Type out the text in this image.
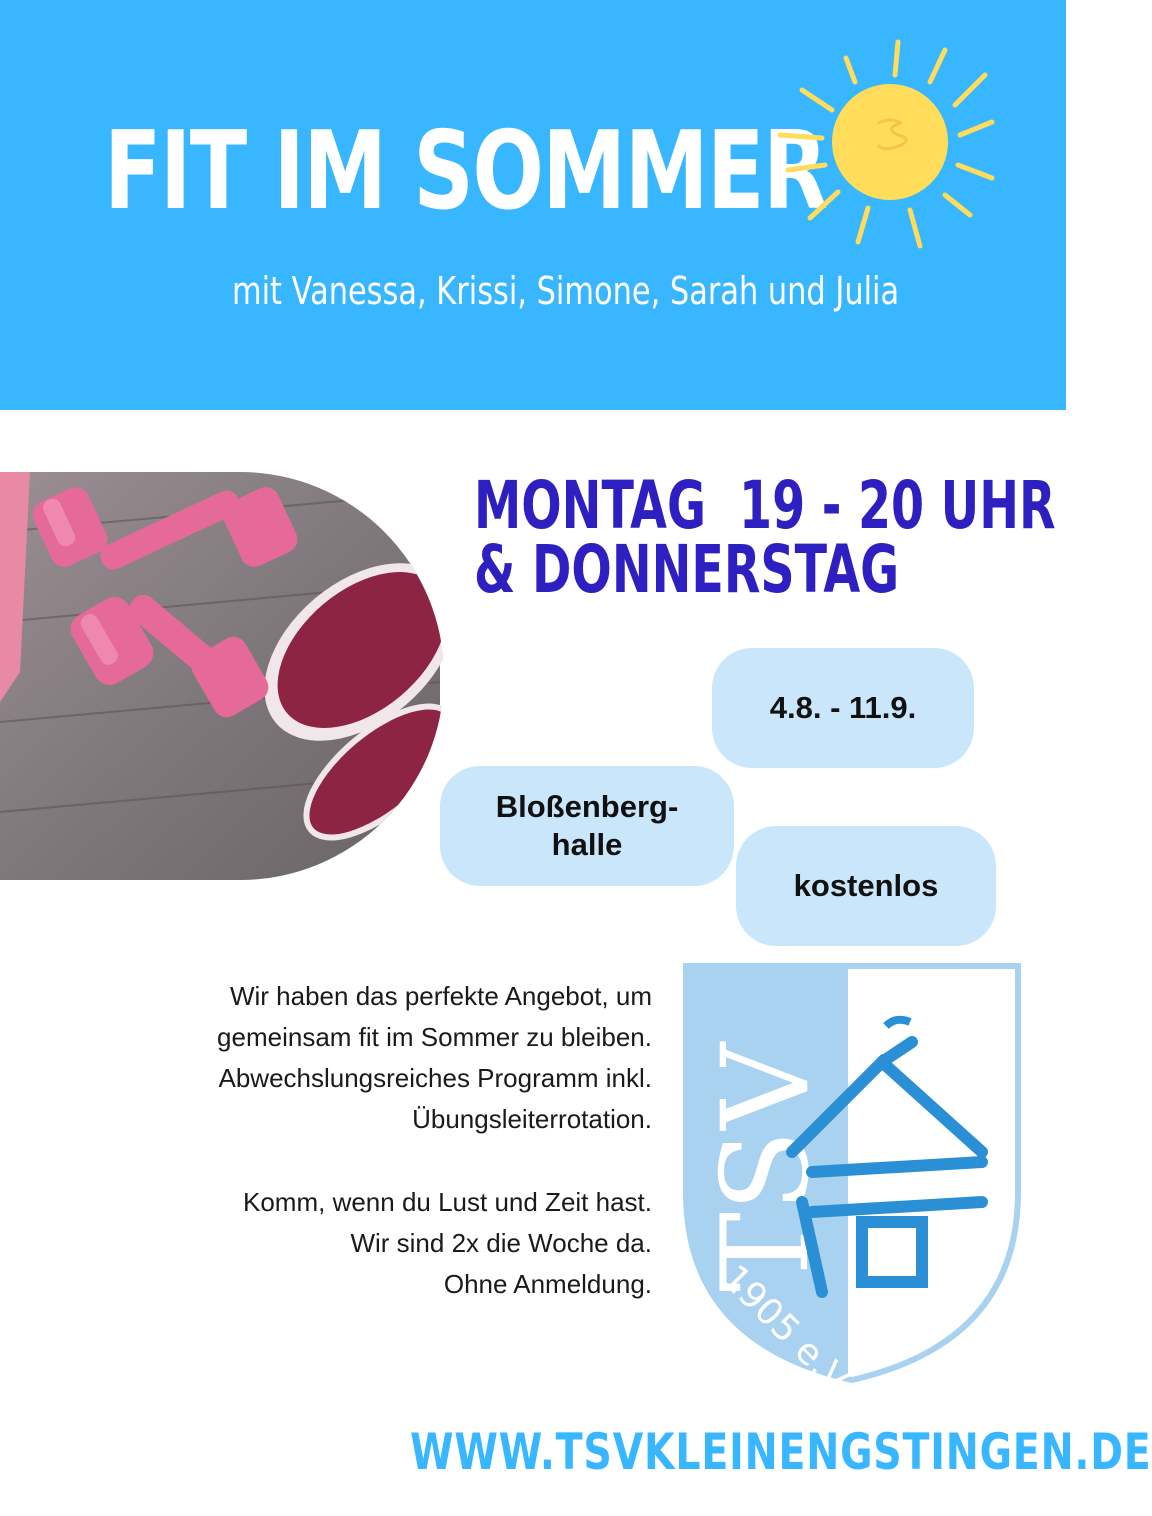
FIT IM SOMMER
mit Vanessa, Krissi, Simone, Sarah und Julia
MONTAG  19 - 20 UHR
& DONNERSTAG
4.8. - 11.9.
Bloßenberg-
halle
kostenlos
Wir haben das perfekte Angebot, um
gemeinsam fit im Sommer zu bleiben.
Abwechslungsreiches Programm inkl.
Übungsleiterrotation.
Komm, wenn du Lust und Zeit hast.
Wir sind 2x die Woche da.
Ohne Anmeldung. TSV
1905 e.V.
WWW.TSVKLEINENGSTINGEN.DE
